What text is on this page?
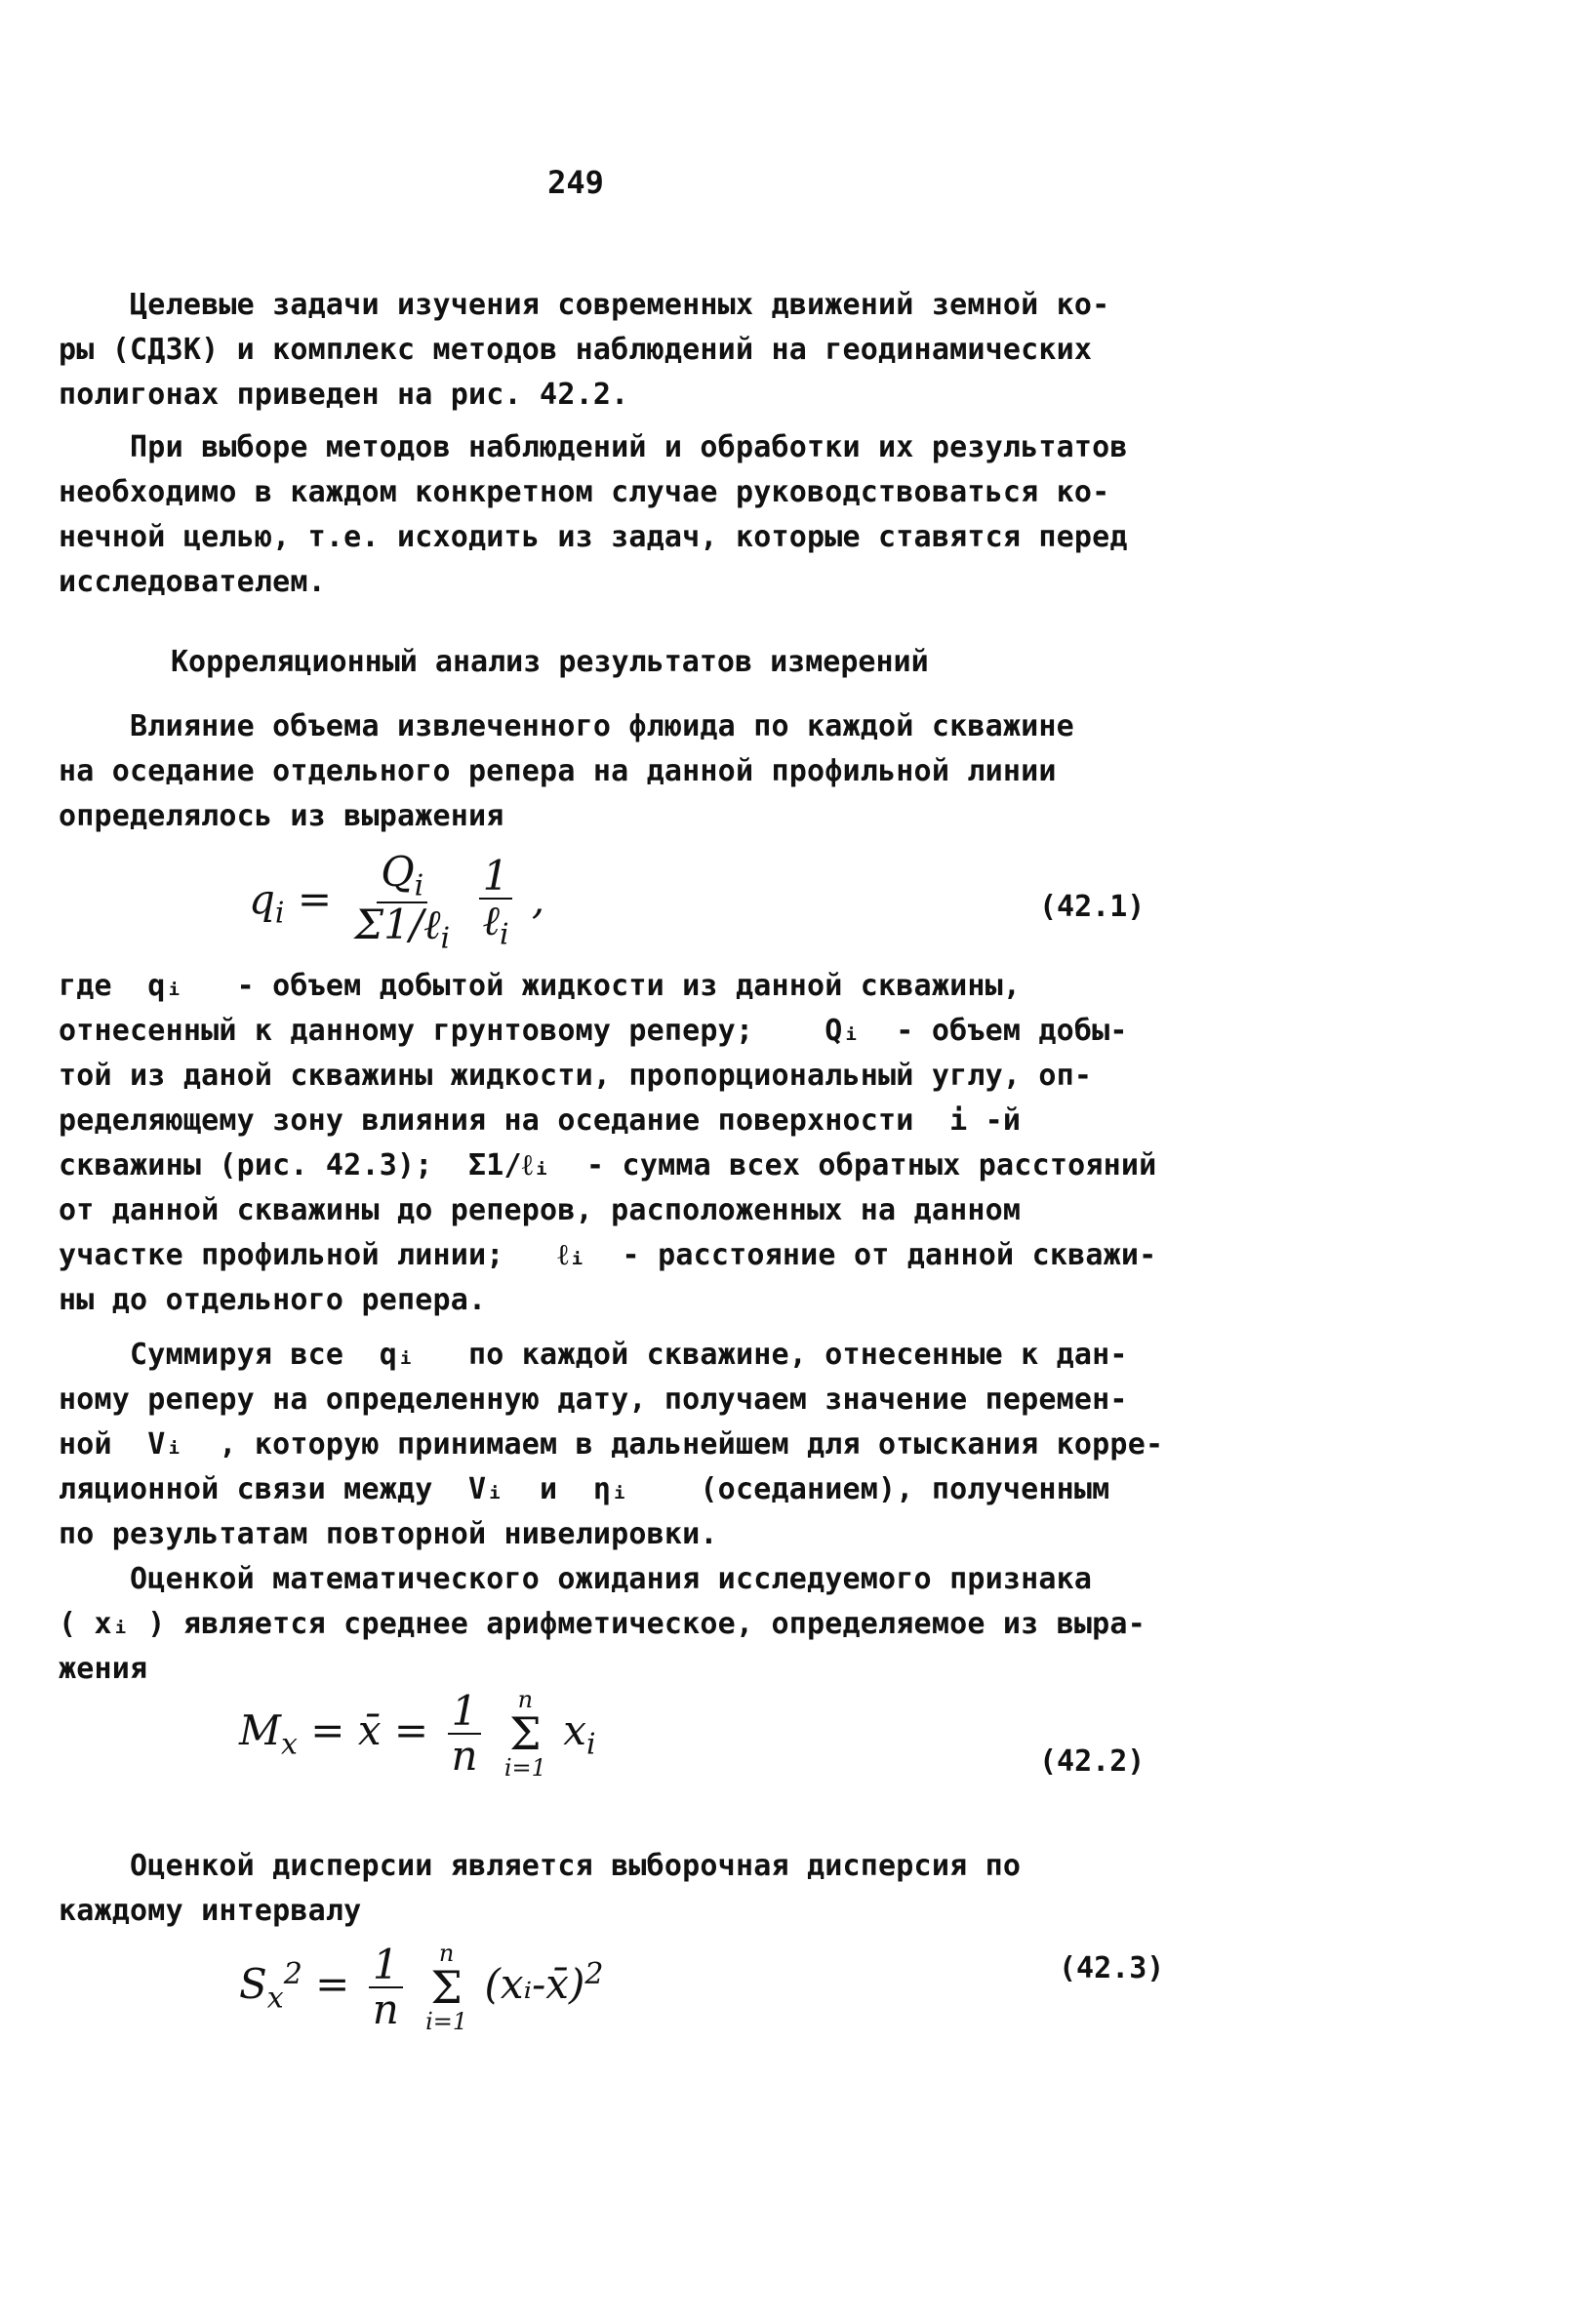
249
Целевые задачи изучения современных движений земной ко-
ры (СДЗК) и комплекс методов наблюдений на геодинамических
полигонах приведен на рис. 42.2.
При выборе методов наблюдений и обработки их результатов
необходимо в каждом конкретном случае руководствоваться ко-
нечной целью, т.е. исходить из задач, которые ставятся перед
исследователем.
Корреляционный анализ результатов измерений
Влияние объема извлеченного флюида по каждой скважине
на оседание отдельного репера на данной профильной линии
определялось из выражения
$q_i = \frac{Q_i}{\Sigma 1/\ell_i}$
$\frac{1}{\ell_i}$ ,	(42.1)
где  qᵢ   - объем добытой жидкости из данной скважины,
отнесенный к данному грунтовому реперу;    Qᵢ  - объем добы-
той из даной скважины жидкости, пропорциональный углу, оп-
ределяющему зону влияния на оседание поверхности  i -й
скважины (рис. 42.3);  Σ1/ℓᵢ  - сумма всех обратных расстояний
от данной скважины до реперов, расположенных на данном
участке профильной линии;   ℓᵢ  - расстояние от данной скважи-
ны до отдельного репера.
Суммируя все  qᵢ   по каждой скважине, отнесенные к дан-
ному реперу на определенную дату, получаем значение перемен-
ной  Vᵢ  , которую принимаем в дальнейшем для отыскания корре-
ляционной связи между  Vᵢ  и  ηᵢ    (оседанием), полученным
по результатам повторной нивелировки.
Оценкой математического ожидания исследуемого признака
( xᵢ ) является среднее арифметическое, определяемое из выра-
жения
$M_x$ = x̄ = $\frac{1}{n}$
n
Σ
i=1
$x_i$
(42.2)
Оценкой дисперсии является выборочная дисперсия по
каждому интервалу
$S_x^2 = \frac{1}{n}$
n
Σ
i=1
(xᵢ-x̄)$^2$	(42.3)
